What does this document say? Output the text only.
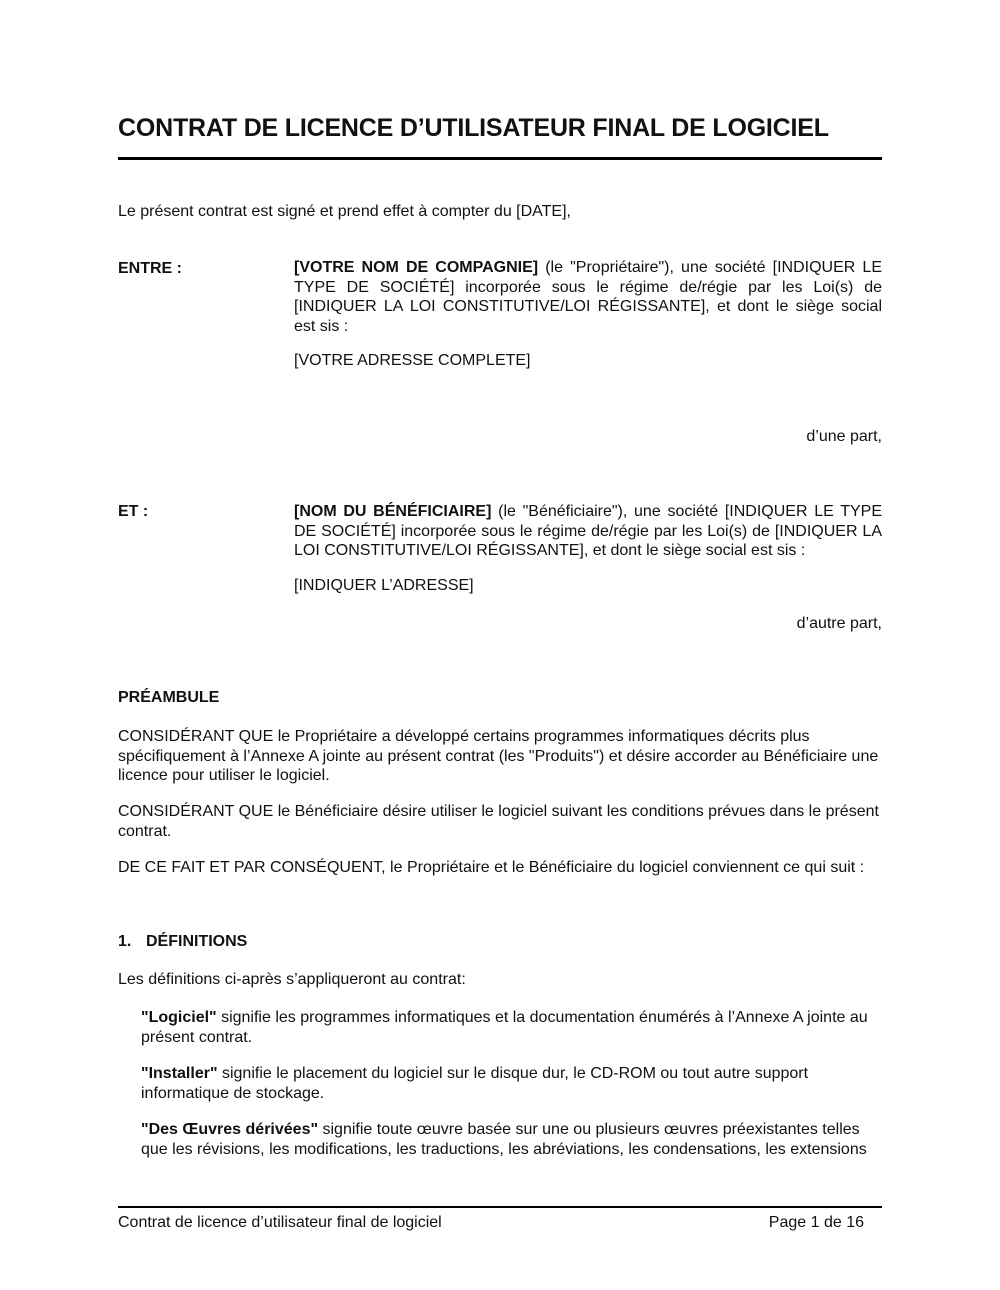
CONTRAT DE LICENCE D’UTILISATEUR FINAL DE LOGICIEL

Le présent contrat est signé et prend effet à compter du [DATE],

ENTRE :	[VOTRE NOM DE COMPAGNIE] (le "Propriétaire"), une société [INDIQUER LE TYPE DE SOCIÉTÉ] incorporée sous le régime de/régie par les Loi(s) de [INDIQUER LA LOI CONSTITUTIVE/LOI RÉGISSANTE], et dont le siège social est sis :
[VOTRE ADRESSE COMPLETE]
d’une part,
ET :	[NOM DU BÉNÉFICIAIRE] (le "Bénéficiaire"), une société [INDIQUER LE TYPE DE SOCIÉTÉ] incorporée sous le régime de/régie par les Loi(s) de [INDIQUER LA LOI CONSTITUTIVE/LOI RÉGISSANTE], et dont le siège social est sis :
[INDIQUER L’ADRESSE]
d’autre part,
PRÉAMBULE
CONSIDÉRANT QUE le Propriétaire a développé certains programmes informatiques décrits plus spécifiquement à l’Annexe A jointe au présent contrat (les "Produits") et désire accorder au Bénéficiaire une licence pour utiliser le logiciel.
CONSIDÉRANT QUE le Bénéficiaire désire utiliser le logiciel suivant les conditions prévues dans le présent contrat.
DE CE FAIT ET PAR CONSÉQUENT, le Propriétaire et le Bénéficiaire du logiciel conviennent ce qui suit :
1. DÉFINITIONS
Les définitions ci-après s’appliqueront au contrat:
"Logiciel" signifie les programmes informatiques et la documentation énumérés à l’Annexe A jointe au présent contrat.
"Installer" signifie le placement du logiciel sur le disque dur, le CD-ROM ou tout autre support informatique de stockage.
"Des Œuvres dérivées" signifie toute œuvre basée sur une ou plusieurs œuvres préexistantes telles que les révisions, les modifications, les traductions, les abréviations, les condensations, les extensions
Contrat de licence d’utilisateur final de logiciel	Page 1 de 16
